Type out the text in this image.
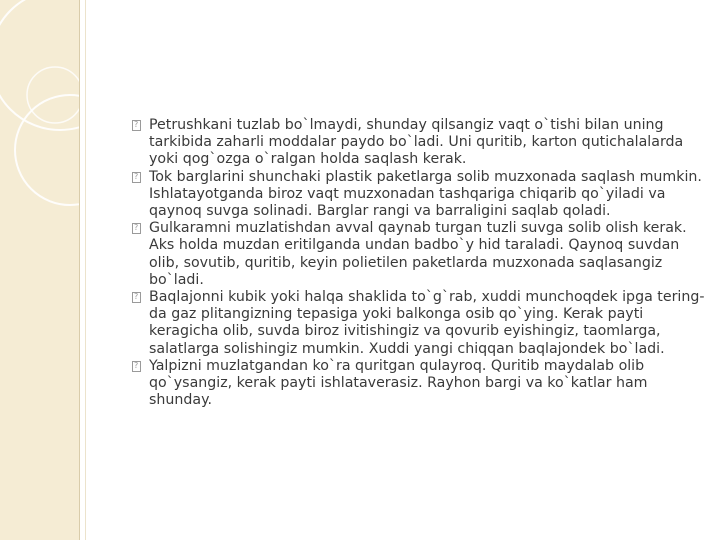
?
Petrushkani tuzlab bo`lmaydi, shunday qilsangiz vaqt o`tishi bilan uning tarkibida zaharli moddalar paydo bo`ladi. Uni quritib, karton qutichalalarda yoki qog`ozga o`ralgan holda saqlash kerak.
?
Tok barglarini shunchaki plastik paketlarga solib muzxonada saqlash mumkin. Ishlatayotganda biroz vaqt muzxonadan tashqariga chiqarib qo`yiladi va qaynoq suvga solinadi. Barglar rangi va barraligini saqlab qoladi.
?
Gulkaramni muzlatishdan avval qaynab turgan tuzli suvga solib olish kerak. Aks holda muzdan eritilganda undan badbo`y hid taraladi. Qaynoq suvdan olib, sovutib, quritib, keyin polietilen paketlarda muzxonada saqlasangiz bo`ladi.
?
Baqlajonni kubik yoki halqa shaklida to`g`rab, xuddi munchoqdek ipga tering-da gaz plitangizning tepasiga yoki balkonga osib qo`ying. Kerak payti keragicha olib, suvda biroz ivitishingiz va qovurib eyishingiz, taomlarga, salatlarga solishingiz mumkin. Xuddi yangi chiqqan baqlajondek bo`ladi.
?
Yalpizni muzlatgandan ko`ra quritgan qulayroq. Quritib maydalab olib qo`ysangiz, kerak payti ishlataverasiz. Rayhon bargi va ko`katlar ham shunday.
